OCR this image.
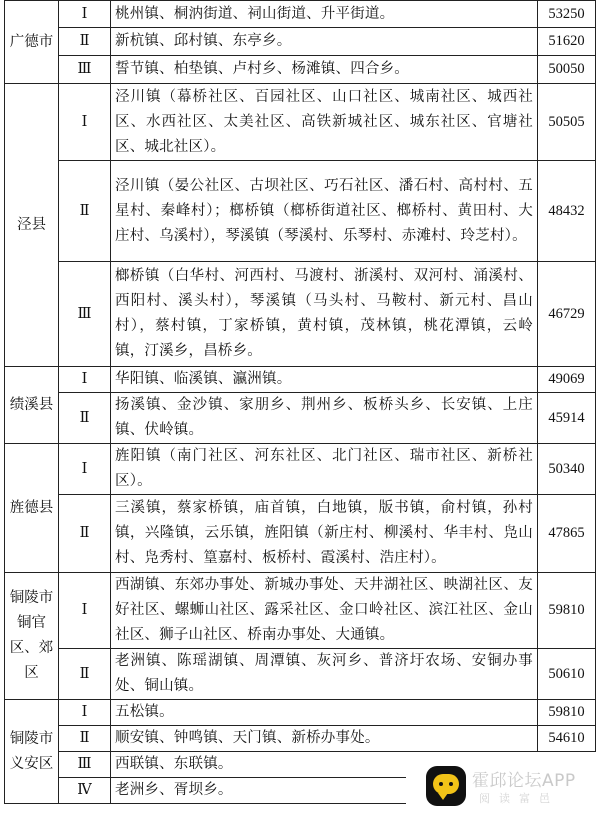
广德市	Ⅰ	桃州镇、桐汭街道、祠山街道、升平街道。	53250
	Ⅱ	新杭镇、邱村镇、东亭乡。	51620
	Ⅲ	誓节镇、柏垫镇、卢村乡、杨滩镇、四合乡。	50050
泾县	Ⅰ	泾川镇（幕桥社区、百园社区、山口社区、城南社区、城西社区、水西社区、太美社区、高铁新城社区、城东社区、官塘社区、城北社区）。	50505
	Ⅱ	泾川镇（晏公社区、古坝社区、巧石社区、潘石村、高村村、五星村、秦峰村）；榔桥镇（榔桥街道社区、榔桥村、黄田村、大庄村、乌溪村），琴溪镇（琴溪村、乐琴村、赤滩村、玲芝村）。	48432
	Ⅲ	榔桥镇（白华村、河西村、马渡村、浙溪村、双河村、涌溪村、西阳村、溪头村），琴溪镇（马头村、马鞍村、新元村、昌山村），蔡村镇，丁家桥镇，黄村镇，茂林镇，桃花潭镇，云岭镇，汀溪乡，昌桥乡。	46729
绩溪县	Ⅰ	华阳镇、临溪镇、瀛洲镇。	49069
	Ⅱ	扬溪镇、金沙镇、家朋乡、荆州乡、板桥头乡、长安镇、上庄镇、伏岭镇。	45914
旌德县	Ⅰ	旌阳镇（南门社区、河东社区、北门社区、瑞市社区、新桥社区）。	50340
	Ⅱ	三溪镇，蔡家桥镇，庙首镇，白地镇，版书镇，俞村镇，孙村镇，兴隆镇，云乐镇，旌阳镇（新庄村、柳溪村、华丰村、凫山村、凫秀村、篁嘉村、板桥村、霞溪村、浩庄村）。	47865
铜陵市铜官区、郊区	Ⅰ	西湖镇、东郊办事处、新城办事处、天井湖社区、映湖社区、友好社区、螺蛳山社区、露采社区、金口岭社区、滨江社区、金山社区、狮子山社区、桥南办事处、大通镇。	59810
	Ⅱ	老洲镇、陈瑶湖镇、周潭镇、灰河乡、普济圩农场、安铜办事处、铜山镇。	50610
铜陵市义安区	Ⅰ	五松镇。	59810
	Ⅱ	顺安镇、钟鸣镇、天门镇、新桥办事处。	54610
	Ⅲ	西联镇、东联镇。	
	Ⅳ	老洲乡、胥坝乡。		霍邱论坛APP
阅读富邑
